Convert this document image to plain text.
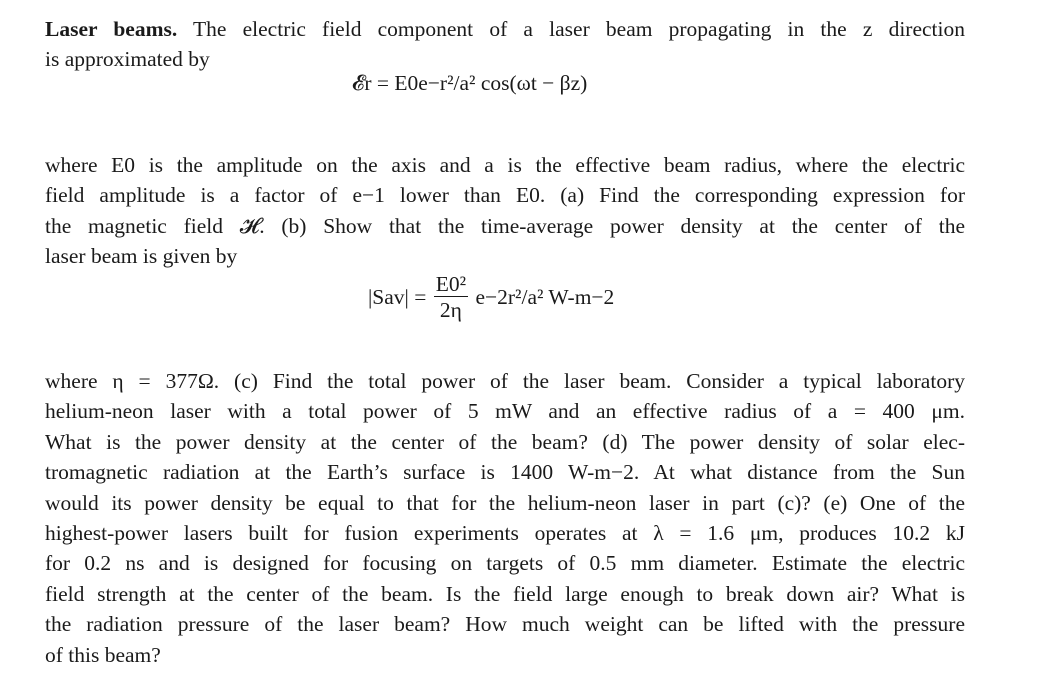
Laser beams. The electric field component of a laser beam propagating in the z direction
is approximated by
𝓔r = E0e−r²/a² cos(ωt − βz)
where E0 is the amplitude on the axis and a is the effective beam radius, where the electric
field amplitude is a factor of e−1 lower than E0. (a) Find the corresponding expression for
the magnetic field 𝓗. (b) Show that the time-average power density at the center of the
laser beam is given by
$|Sav| = \frac{\text{E0²}}{2\eta} e-2r^2/a^2$ W-m−2
where η = 377Ω. (c) Find the total power of the laser beam. Consider a typical laboratory
helium-neon laser with a total power of 5 mW and an effective radius of a = 400 μm.
What is the power density at the center of the beam? (d) The power density of solar elec-
tromagnetic radiation at the Earth’s surface is 1400 W-m−2. At what distance from the Sun
would its power density be equal to that for the helium-neon laser in part (c)? (e) One of the
highest-power lasers built for fusion experiments operates at λ = 1.6 μm, produces 10.2 kJ
for 0.2 ns and is designed for focusing on targets of 0.5 mm diameter. Estimate the electric
field strength at the center of the beam. Is the field large enough to break down air? What is
the radiation pressure of the laser beam? How much weight can be lifted with the pressure
of this beam?
